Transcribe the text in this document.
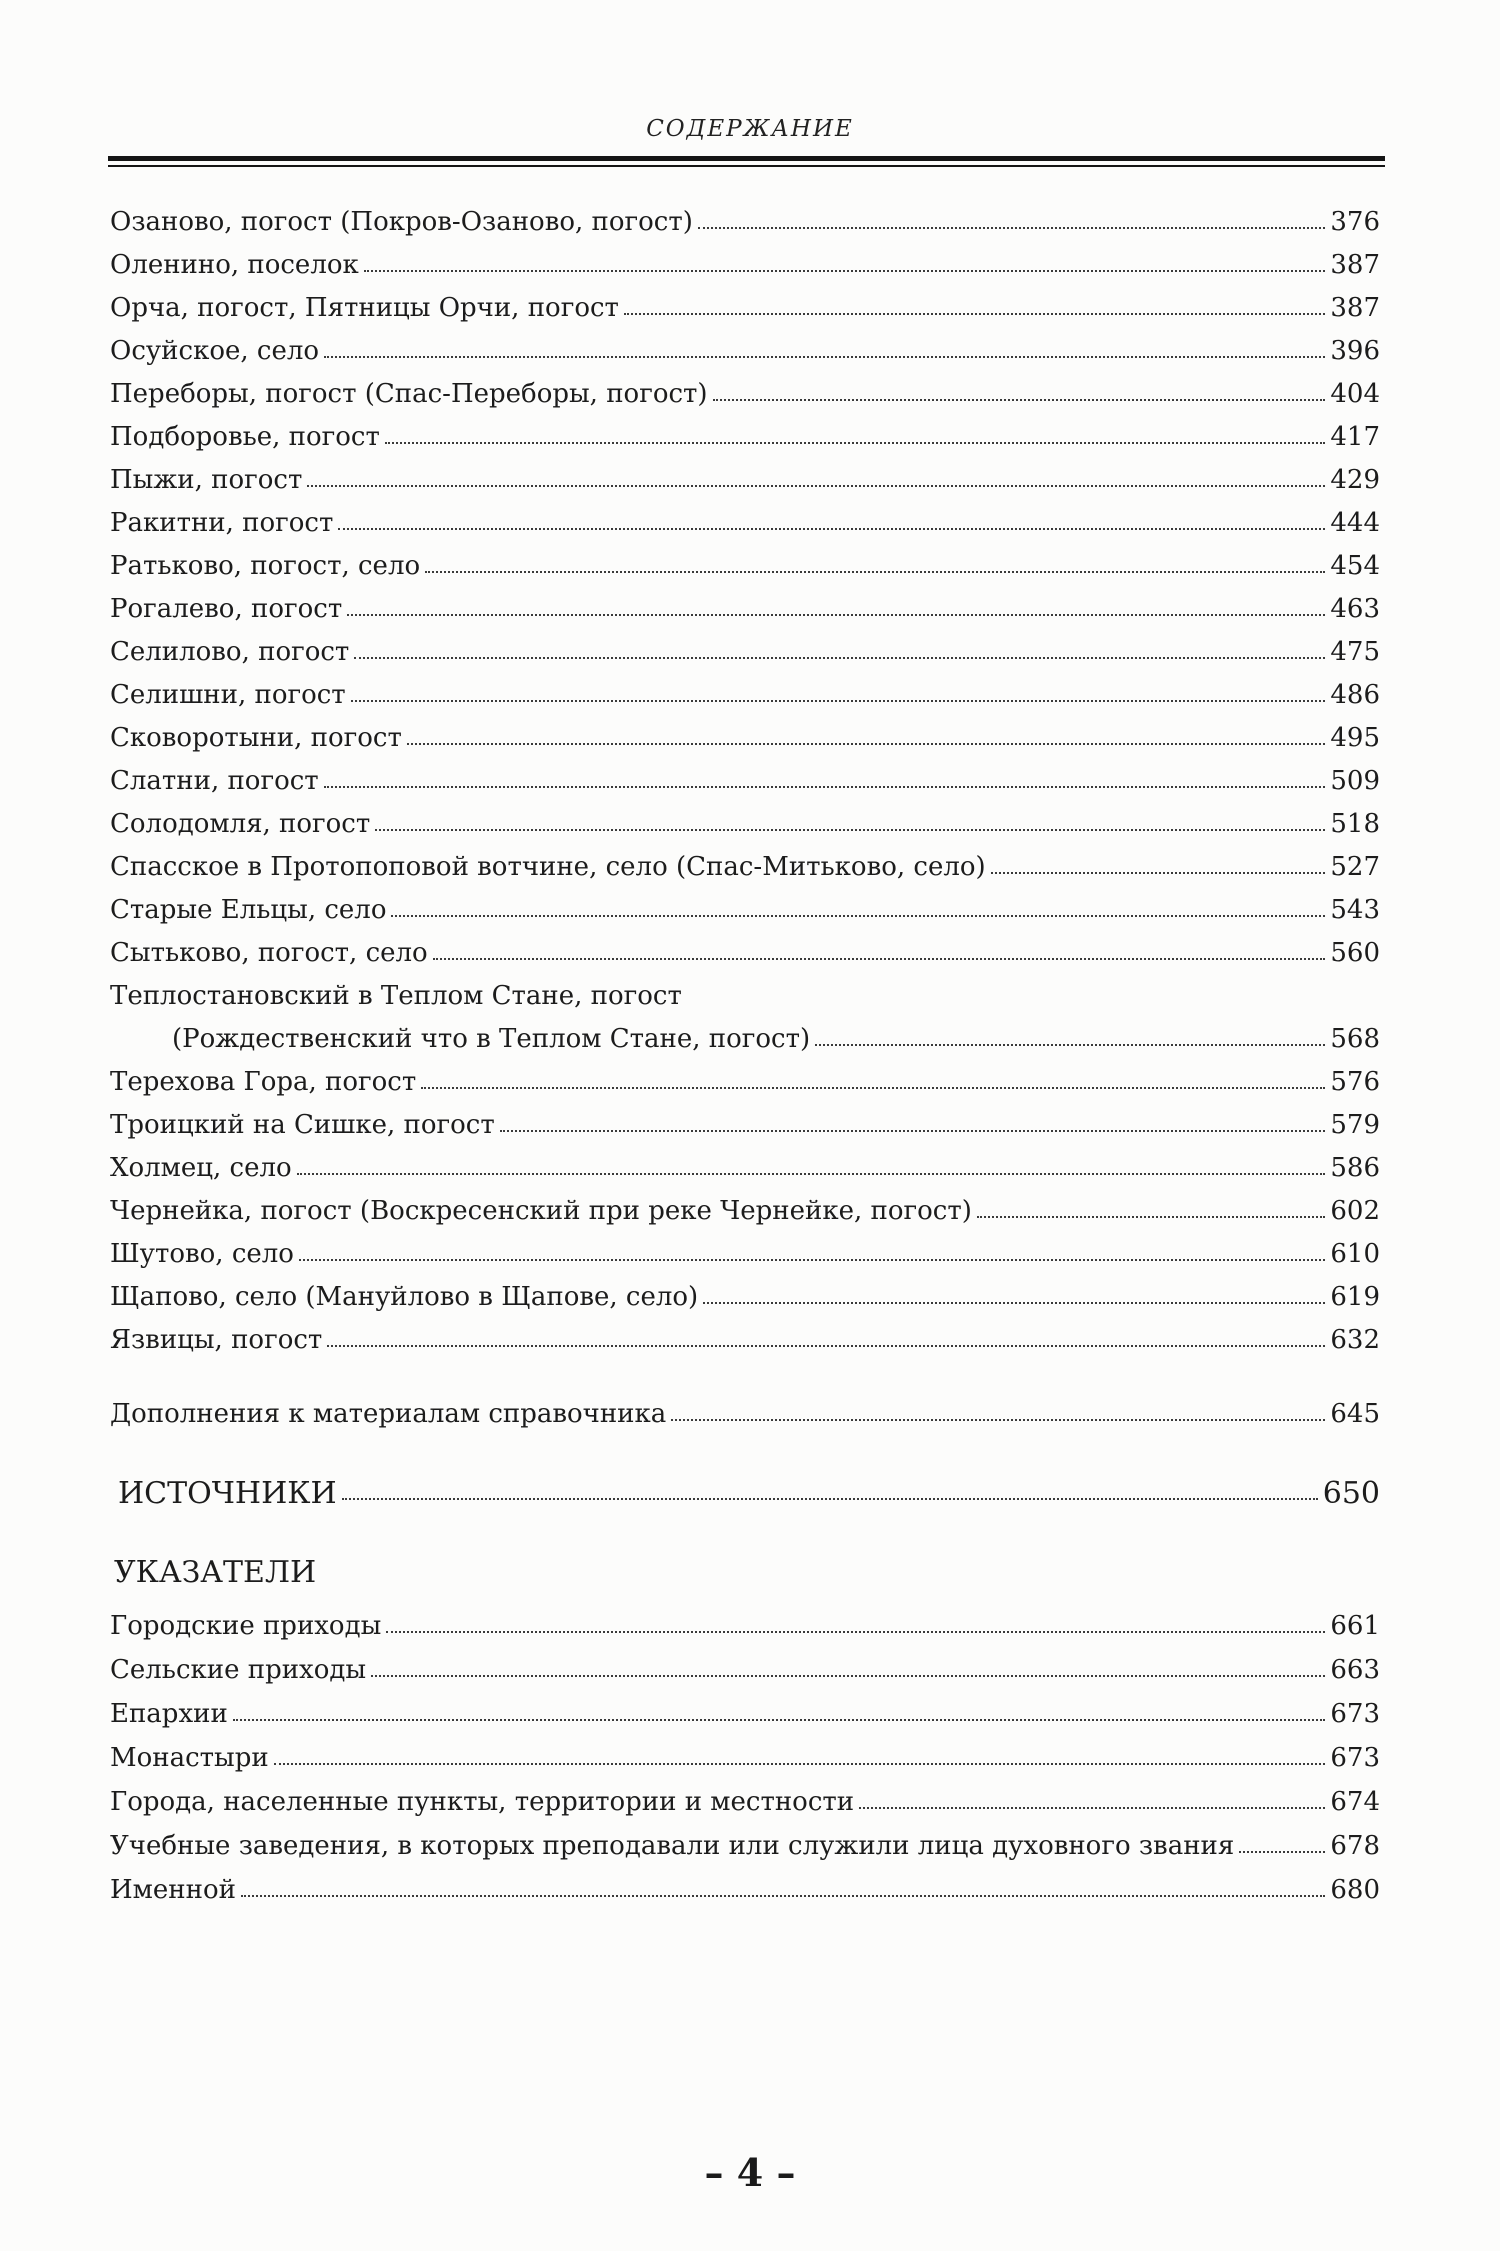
СОДЕРЖАНИЕ
Озаново, погост (Покров-Озаново, погост)	376
Оленино, поселок	387
Орча, погост, Пятницы Орчи, погост	387
Осуйское, село	396
Переборы, погост (Спас-Переборы, погост)	404
Подборовье, погост	417
Пыжи, погост	429
Ракитни, погост	444
Ратьково, погост, село	454
Рогалево, погост	463
Селилово, погост	475
Селишни, погост	486
Сковоротыни, погост	495
Слатни, погост	509
Солодомля, погост	518
Спасское в Протопоповой вотчине, село (Спас-Митьково, село)	527
Старые Ельцы, село	543
Сытьково, погост, село	560
Теплостановский в Теплом Стане, погост
(Рождественский что в Теплом Стане, погост)	568
Терехова Гора, погост	576
Троицкий на Сишке, погост	579
Холмец, село	586
Чернейка, погост (Воскресенский при реке Чернейке, погост)	602
Шутово, село	610
Щапово, село (Мануйлово в Щапове, село)	619
Язвицы, погост	632
Дополнения к материалам справочника	645
ИСТОЧНИКИ	650
УКАЗАТЕЛИ
Городские приходы	661
Сельские приходы	663
Епархии	673
Монастыри	673
Города, населенные пункты, территории и местности	674
Учебные заведения, в которых преподавали или служили лица духовного звания	678
Именной	680
– 4 –
